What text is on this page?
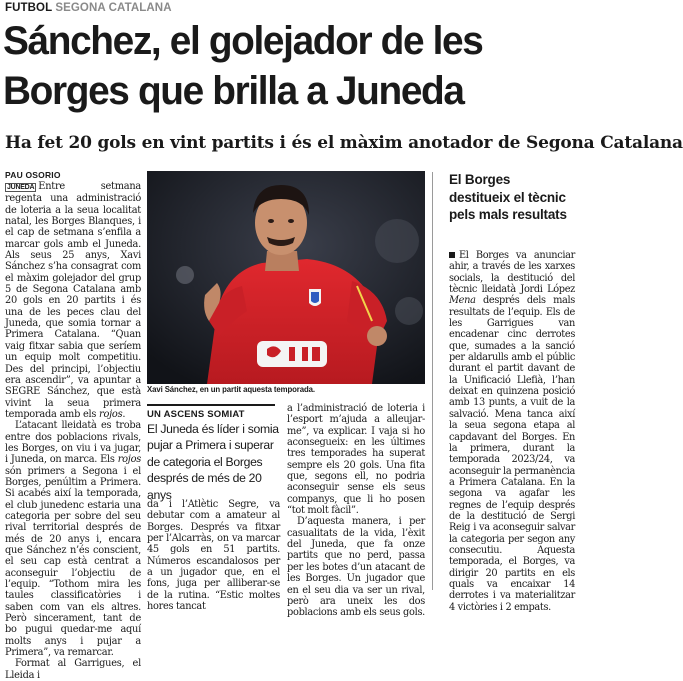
FUTBOL SEGONA CATALANA
Sánchez, el golejador de les Borges que brilla a Juneda
Ha fet 20 gols en vint partits i és el màxim anotador de Segona Catalana
PAU OSORIO

JUNEDA Entre setmana regenta una administració de loteria a la seua localitat natal, les Borges Blanques, i el cap de setmana s’enfila a marcar gols amb el Juneda. Als seus 25 anys, Xavi Sánchez s’ha consagrat com el màxim golejador del grup 5 de Segona Catalana amb 20 gols en 20 partits i és una de les peces clau del Juneda, que somia tornar a Primera Catalana. “Quan vaig fitxar sabia que seríem un equip molt competitiu. Des del principi, l’objectiu era ascendir”, va apuntar a SEGRE Sánchez, que està vivint la seua primera temporada amb els rojos.

L’atacant lleidatà es troba entre dos poblacions rivals, les Borges, on viu i va jugar, i Juneda, on marca. Els rojos són primers a Segona i el Borges, penúltim a Primera. Si acabés així la temporada, el club junedenc estaria una categoria per sobre del seu rival territorial després de més de 20 anys i, encara que Sánchez n’és conscient, el seu cap està centrat a aconseguir l’objectiu de l’equip. “Tothom mira les taules classificatòries i saben com van els altres. Però sincerament, tant de bo pugui quedar-me aquí molts anys i pujar a Primera”, va remarcar.

Format al Garrigues, el Lleida i

Xavi Sánchez, en un partit aquesta temporada.
UN ASCENS SOMIAT

El Juneda és líder i somia pujar a Primera i superar de categoria el Borges després de més de 20 anys

da i l’Atlètic Segre, va debutar com a amateur al Borges. Després va fitxar per l’Alcarràs, on va marcar 45 gols en 51 partits. Números escandalosos per a un jugador que, en el fons, juga per alliberar-se de la rutina. “Estic moltes hores tancat

a l’administració de loteria i l’esport m’ajuda a alleujar-me”, va explicar. I vaja si ho aconsegueix: en les últimes tres temporades ha superat sempre els 20 gols. Una fita que, segons ell, no podria aconseguir sense els seus companys, que li ho posen “tot molt fàcil”.

D’aquesta manera, i per casualitats de la vida, l’èxit del Juneda, que fa onze partits que no perd, passa per les botes d’un atacant de les Borges. Un jugador que en el seu dia va ser un rival, però ara uneix les dos poblacions amb els seus gols.

El Borges destitueix el tècnic pels mals resultats
El Borges va anunciar ahir, a través de les xarxes socials, la destitució del tècnic lleidatà Jordi López Mena després dels mals resultats de l’equip. Els de les Garrigues van encadenar cinc derrotes que, sumades a la sanció per aldarulls amb el públic durant el partit davant de la Unificació Llefià, l’han deixat en quinzena posició amb 13 punts, a vuit de la salvació. Mena tanca així la seua segona etapa al capdavant del Borges. En la primera, durant la temporada 2023/24, va aconseguir la permanència a Primera Catalana. En la segona va agafar les regnes de l’equip després de la destitució de Sergi Reig i va aconseguir salvar la categoria per segon any consecutiu. Aquesta temporada, el Borges, va dirigir 20 partits en els quals va encaixar 14 derrotes i va materialitzar 4 victòries i 2 empats.
